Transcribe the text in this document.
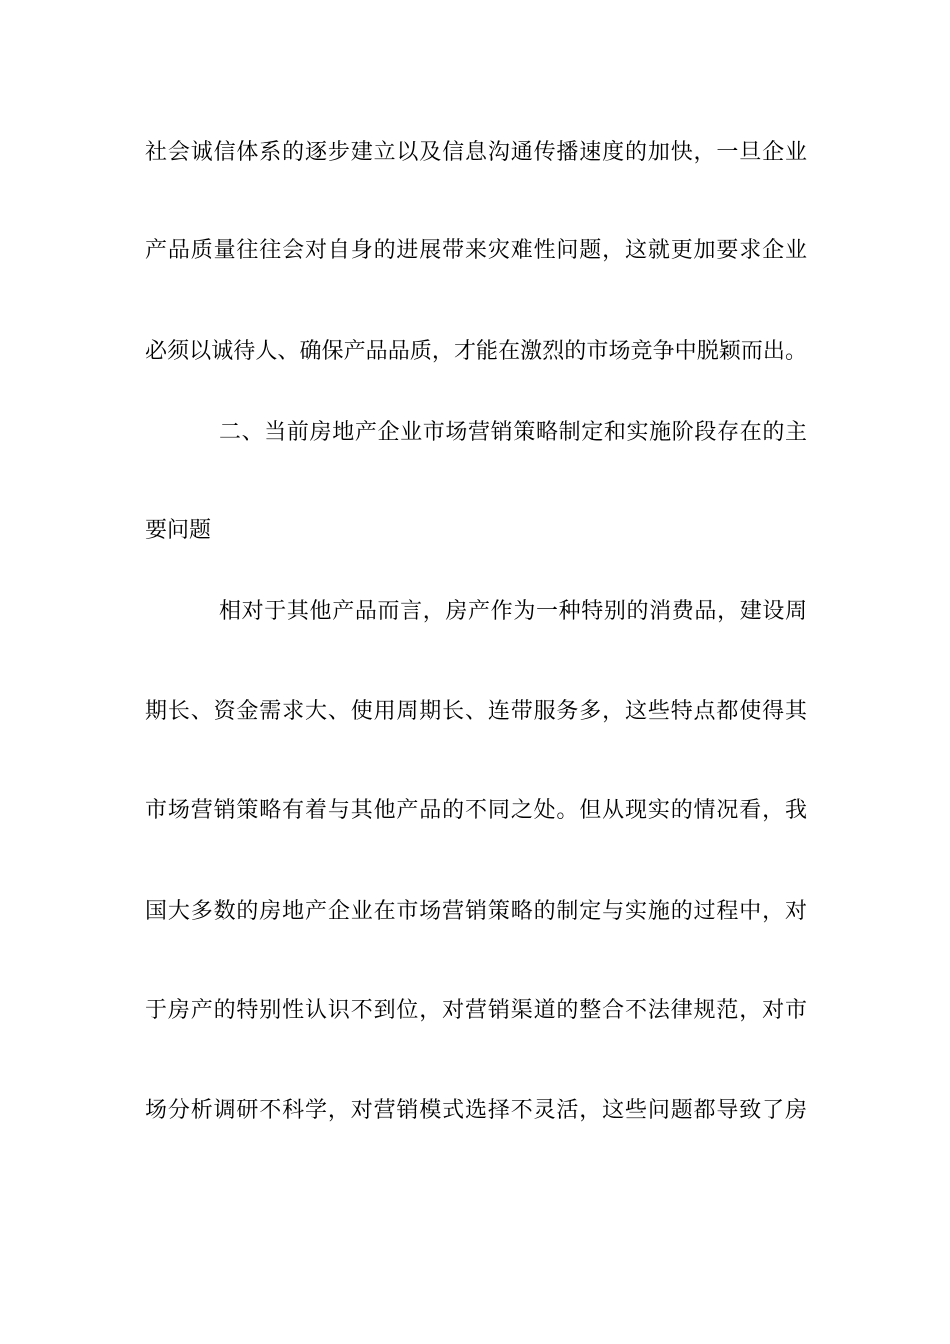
社会诚信体系的逐步建立以及信息沟通传播速度的加快，一旦企业
产品质量往往会对自身的进展带来灾难性问题，这就更加要求企业
必须以诚待人、确保产品品质，才能在激烈的市场竞争中脱颖而出。
二、当前房地产企业市场营销策略制定和实施阶段存在的主
要问题
相对于其他产品而言，房产作为一种特别的消费品，建设周
期长、资金需求大、使用周期长、连带服务多，这些特点都使得其
市场营销策略有着与其他产品的不同之处。但从现实的情况看，我
国大多数的房地产企业在市场营销策略的制定与实施的过程中，对
于房产的特别性认识不到位，对营销渠道的整合不法律规范，对市
场分析调研不科学，对营销模式选择不灵活，这些问题都导致了房
